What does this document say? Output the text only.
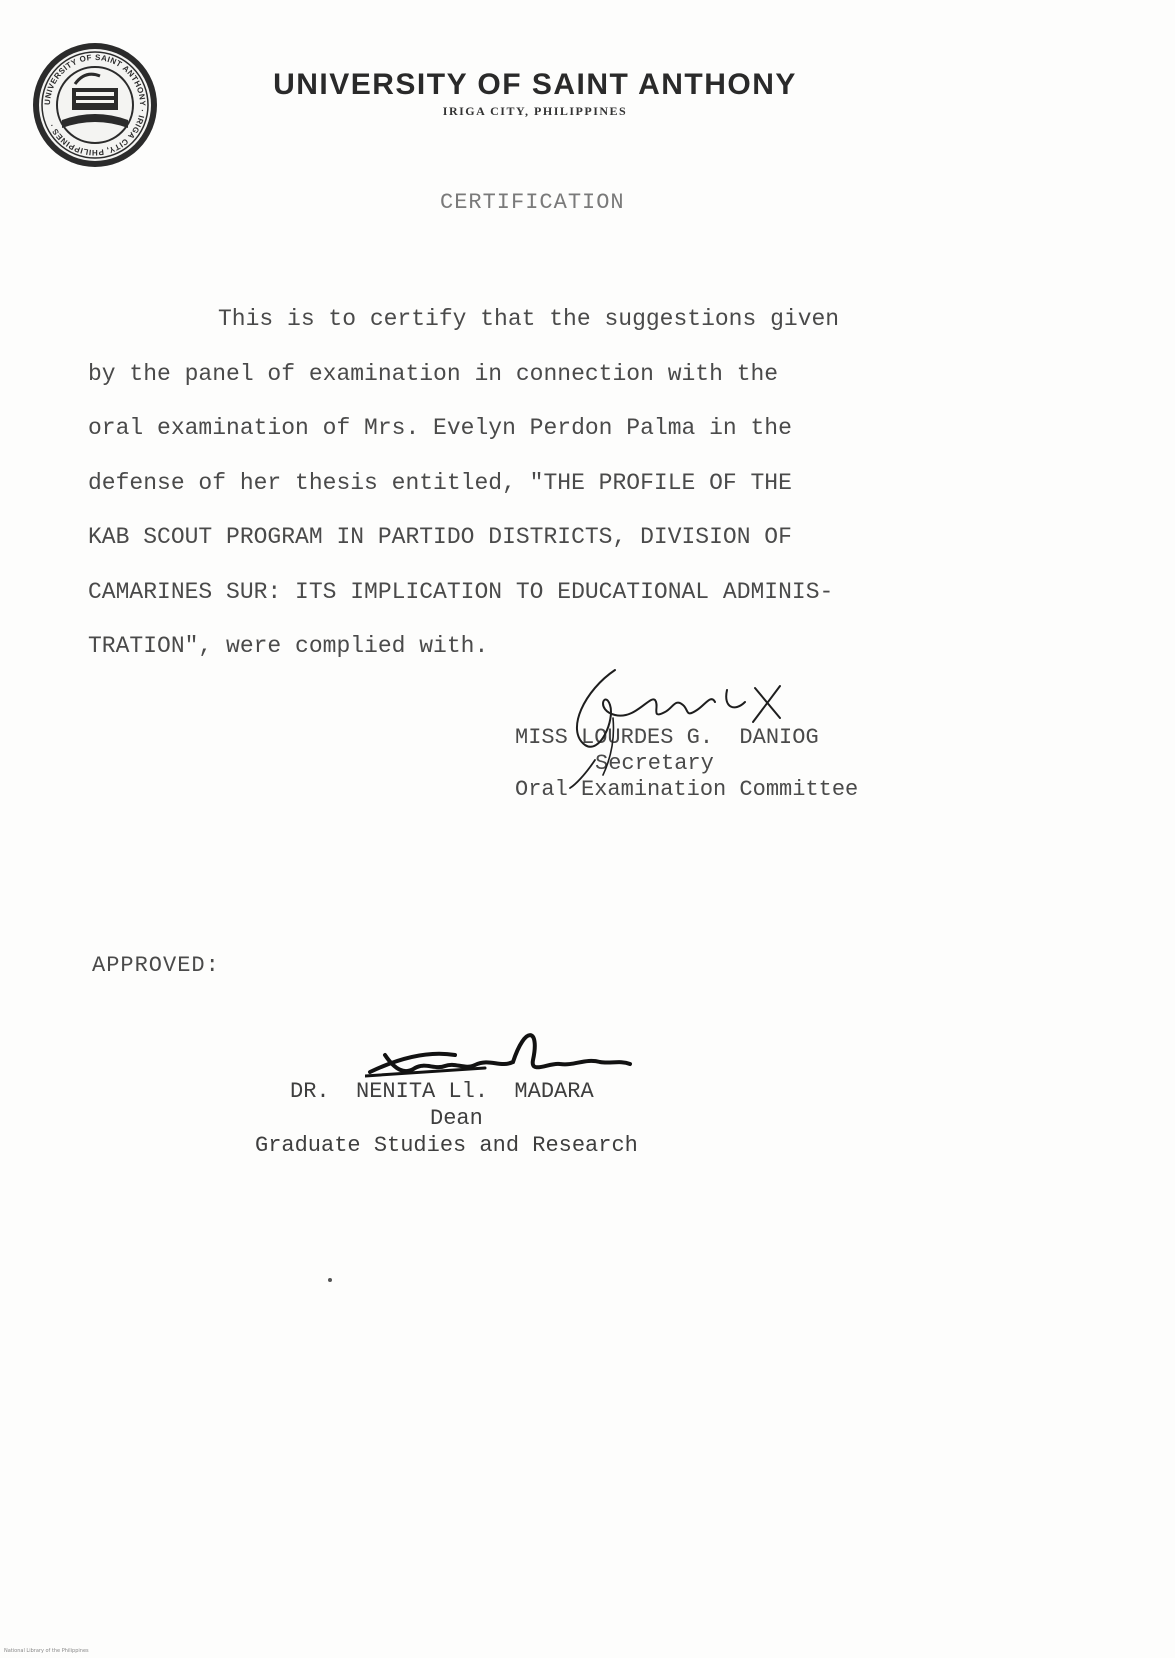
UNIVERSITY OF SAINT ANTHONY · IRIGA CITY, PHILIPPINES ·
UNIVERSITY OF SAINT ANTHONY
IRIGA CITY, PHILIPPINES
CERTIFICATION
This is to certify that the suggestions given
by the panel of examination in connection with the
oral examination of Mrs. Evelyn Perdon Palma in the
defense of her thesis entitled, "THE PROFILE OF THE
KAB SCOUT PROGRAM IN PARTIDO DISTRICTS, DIVISION OF
CAMARINES SUR: ITS IMPLICATION TO EDUCATIONAL ADMINIS-
TRATION", were complied with.
MISS LOURDES G.  DANIOG
Secretary
Oral Examination Committee
APPROVED:
DR.  NENITA Ll.  MADARA
Dean
Graduate Studies and Research
National Library of the Philippines
